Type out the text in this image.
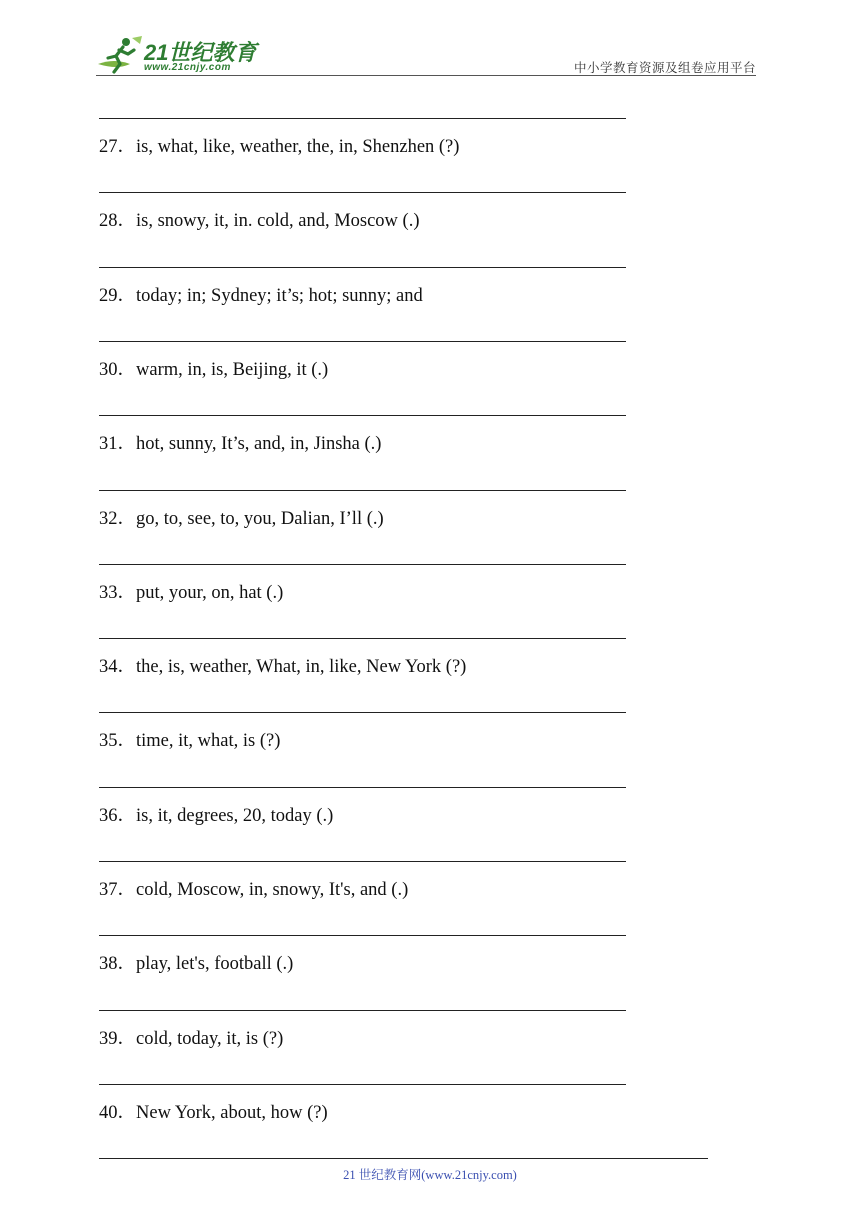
21世纪教育
www.21cnjy.com	中小学教育资源及组卷应用平台
27．is, what, like, weather, the, in, Shenzhen (?)
28．is, snowy, it, in. cold, and, Moscow (.)
29．today; in; Sydney; it’s; hot; sunny; and
30．warm, in, is, Beijing, it (.)
31．hot, sunny, It’s, and, in, Jinsha (.)
32．go, to, see, to, you, Dalian, I’ll (.)
33．put, your, on, hat (.)
34．the, is, weather, What, in, like, New York (?)
35．time, it, what, is (?)
36．is, it, degrees, 20, today (.)
37．cold, Moscow, in, snowy, It's, and (.)
38．play, let's, football (.)
39．cold, today, it, is (?)
40．New York, about, how (?)
21 世纪教育网(www.21cnjy.com)
